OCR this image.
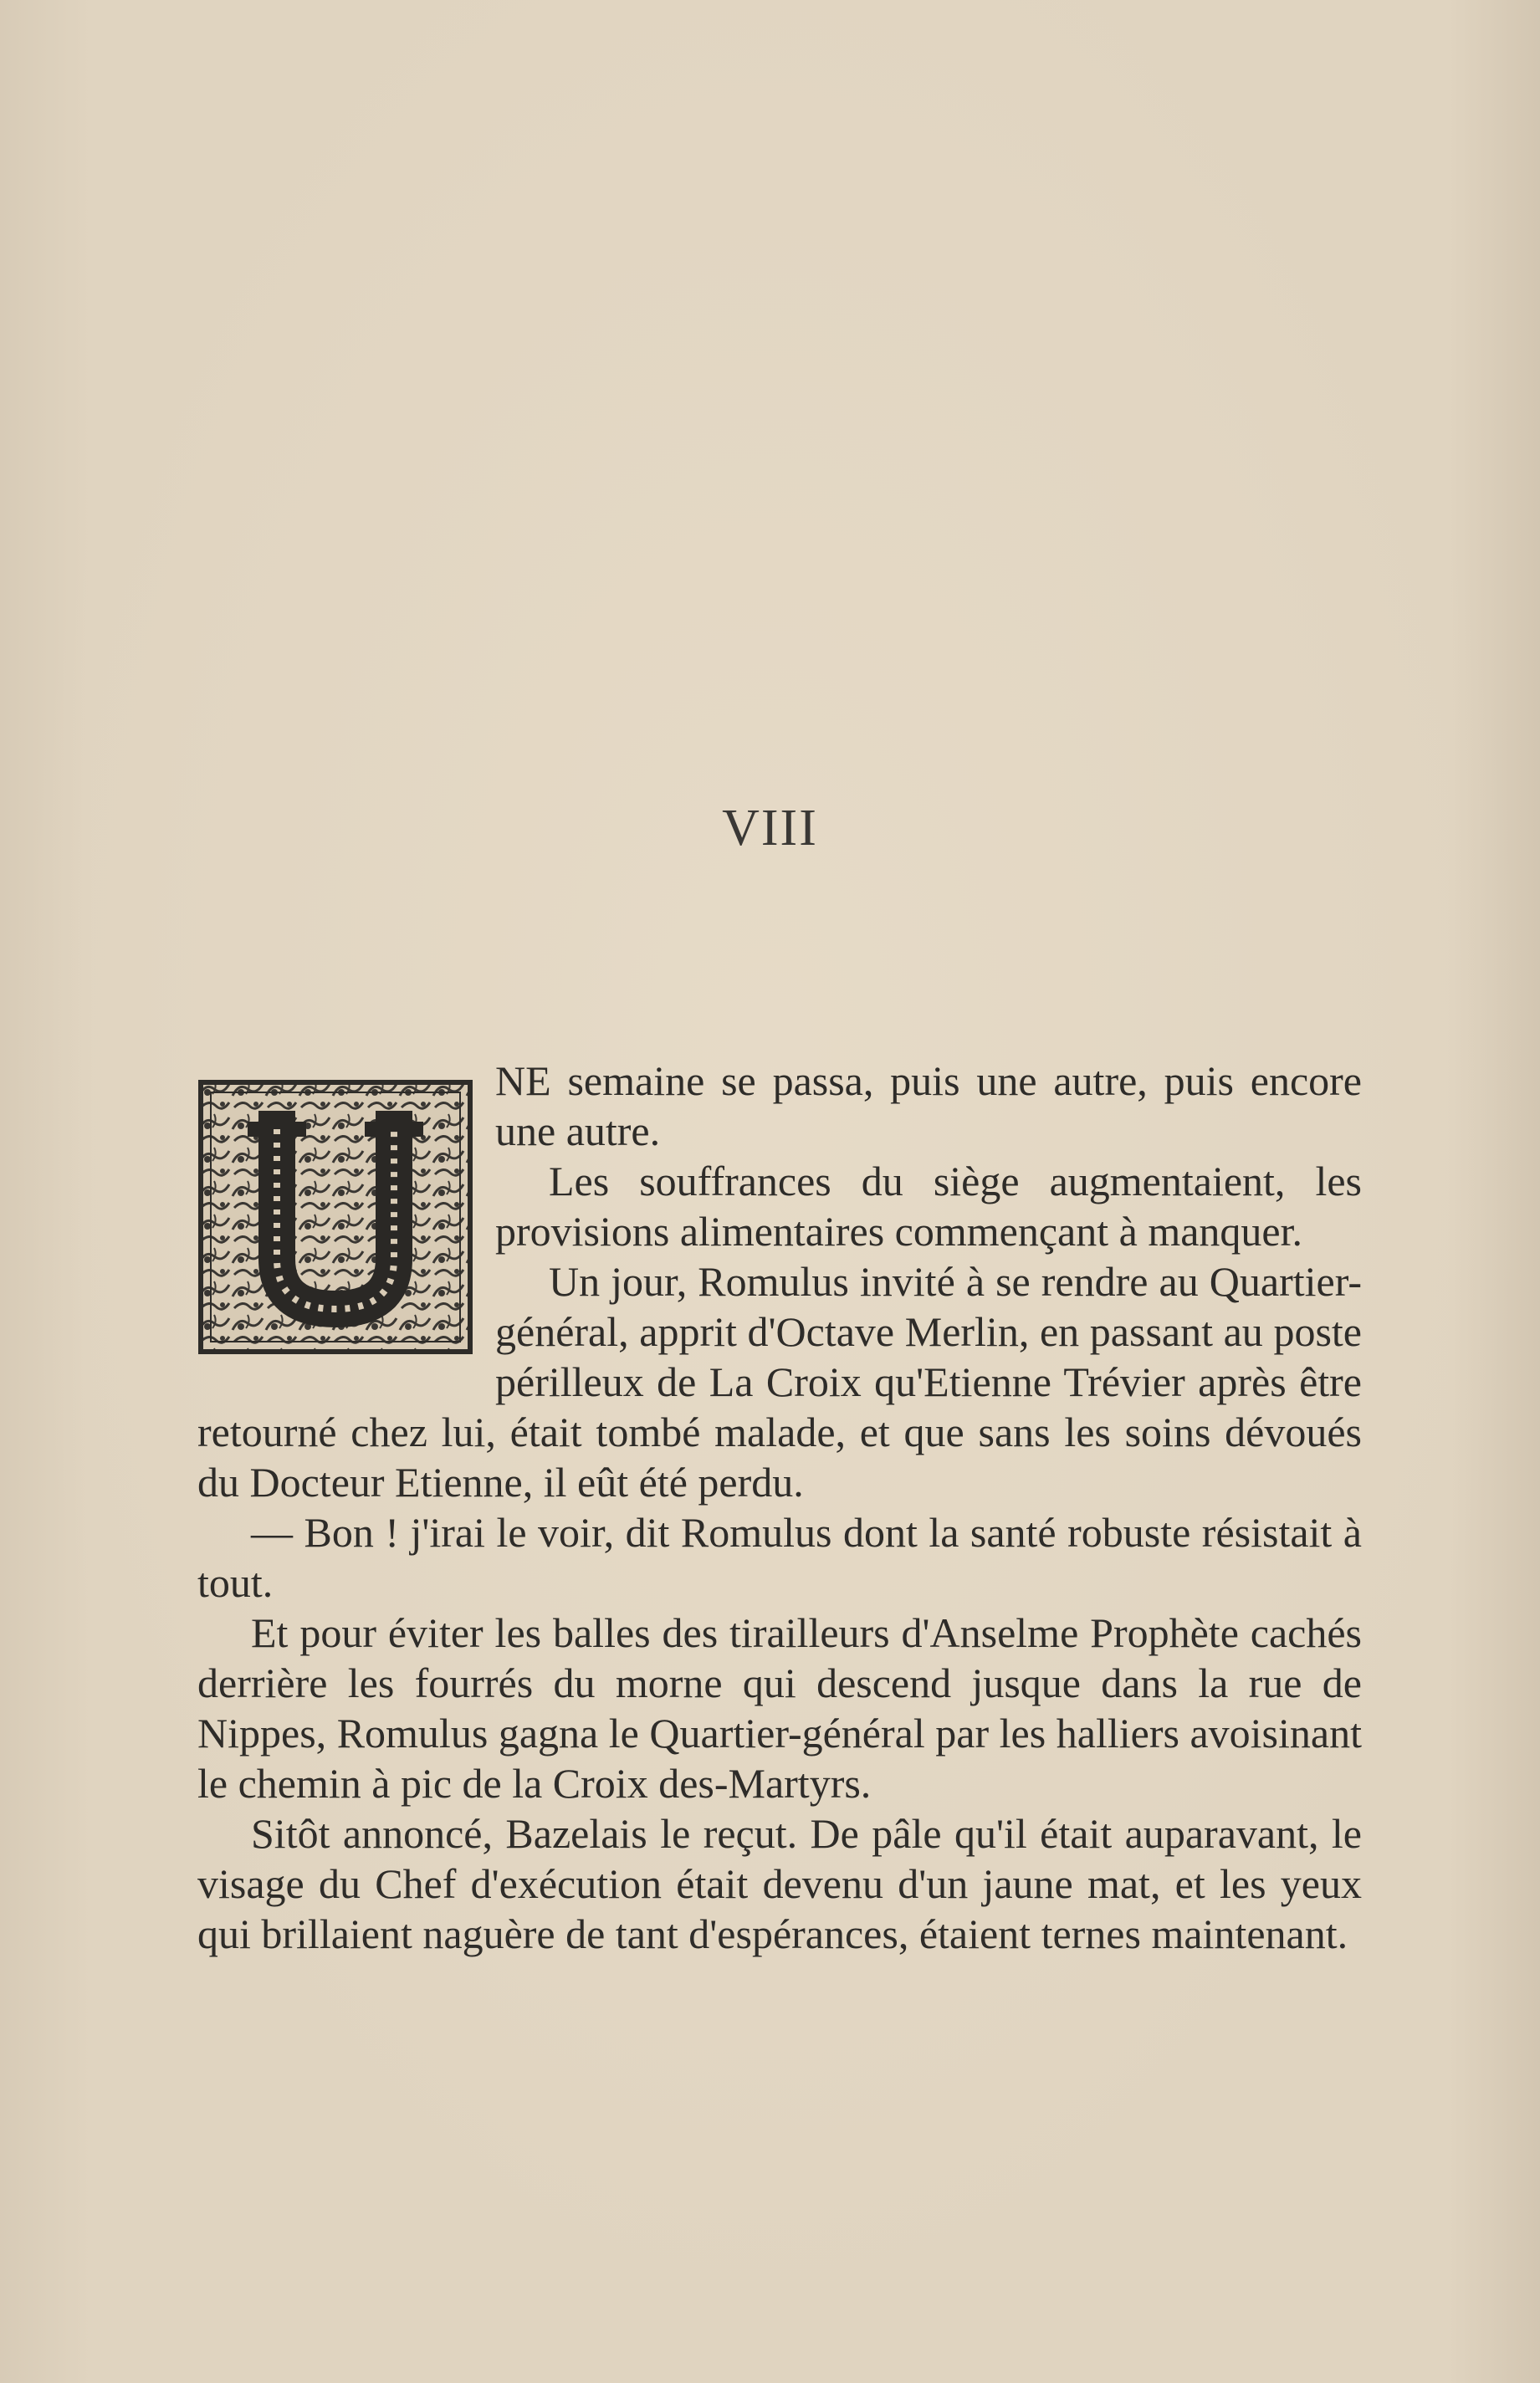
VIII

NE semaine se passa, puis une autre, puis encore une autre.

Les souffrances du siège augmentaient, les provisions alimentaires commençant à manquer.

Un jour, Romulus invité à se rendre au Quartier-général, apprit d'Octave Merlin, en passant au poste périlleux de La Croix qu'Etienne Trévier après être retourné chez lui, était tombé malade, et que sans les soins dévoués du Docteur Etienne, il eût été perdu.

— Bon ! j'irai le voir, dit Romulus dont la santé robuste résistait à tout.

Et pour éviter les balles des tirailleurs d'Anselme Prophète cachés derrière les fourrés du morne qui descend jusque dans la rue de Nippes, Romulus gagna le Quartier-général par les halliers avoisinant le chemin à pic de la Croix des-Martyrs.

Sitôt annoncé, Bazelais le reçut. De pâle qu'il était auparavant, le visage du Chef d'exécution était devenu d'un jaune mat, et les yeux qui brillaient naguère de tant d'espérances, étaient ternes maintenant.
